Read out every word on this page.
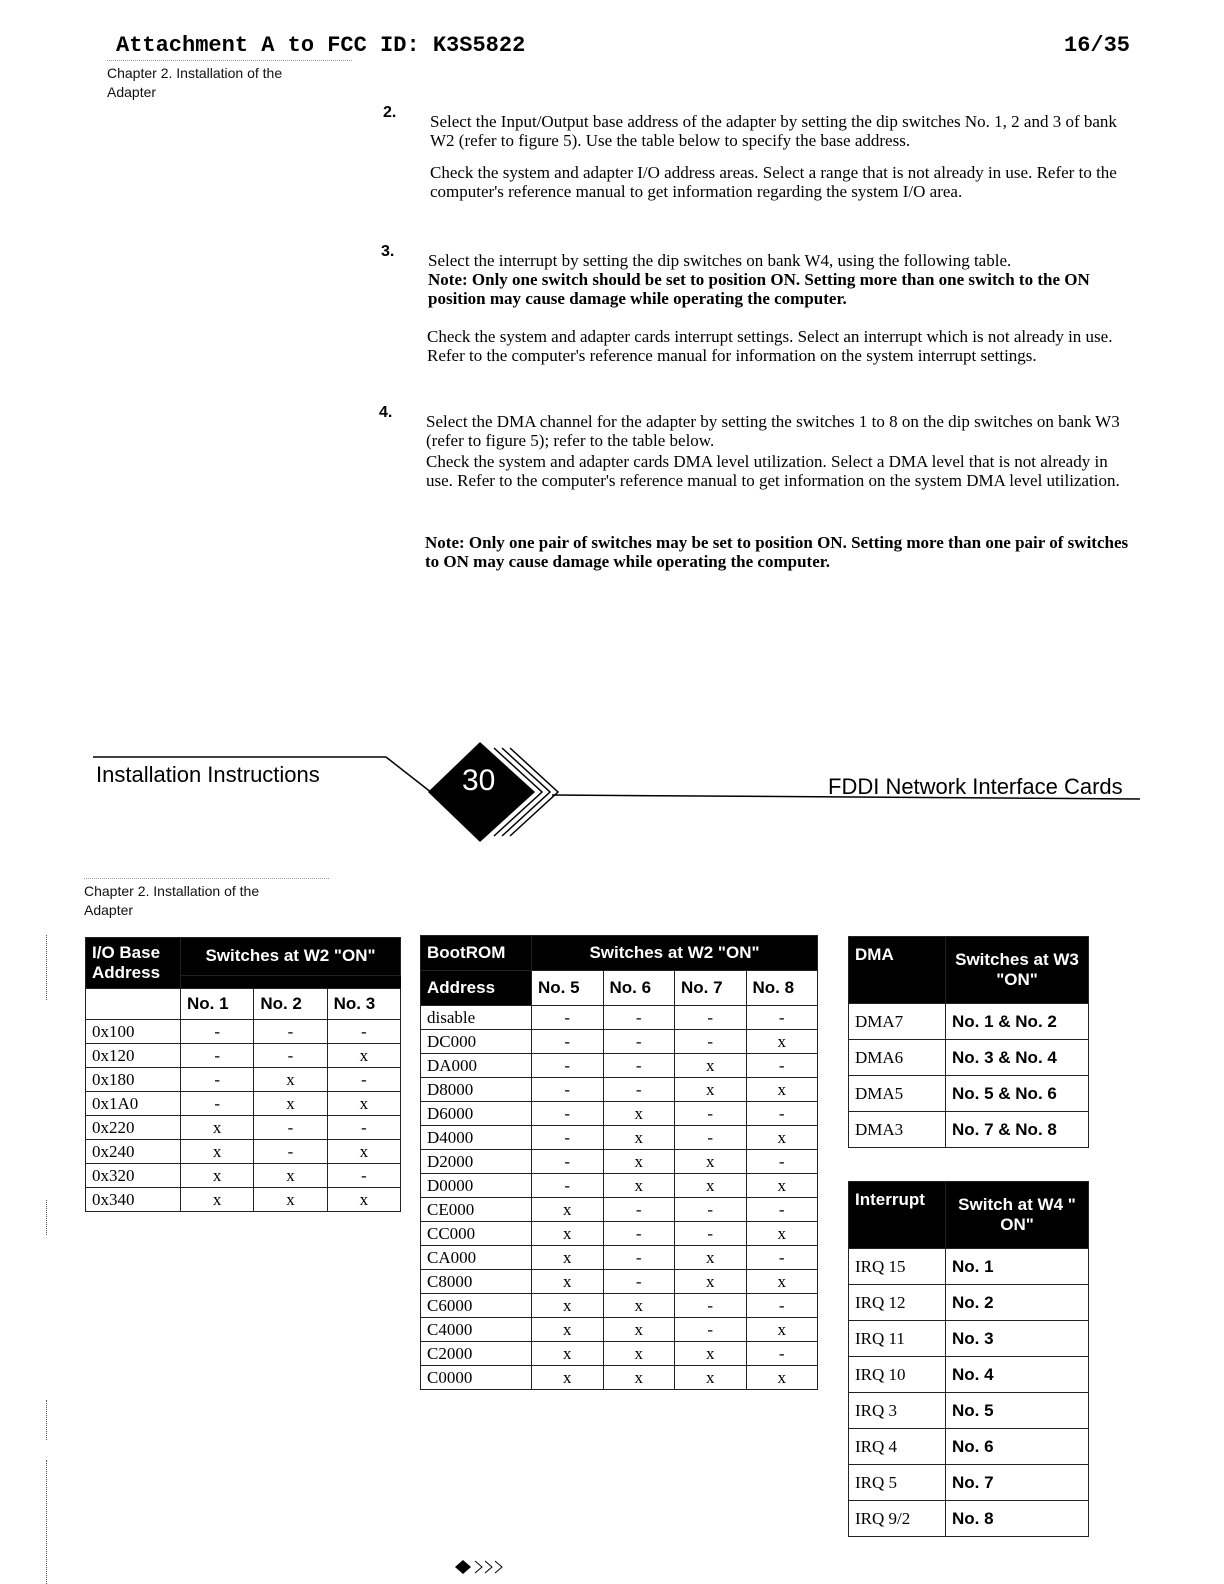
Attachment A to FCC ID: K3S5822	16/35
Chapter 2. Installation of the
Adapter
2. Select the Input/Output base address of the adapter by setting the dip switches No. 1, 2 and 3 of bank W2 (refer to figure 5). Use the table below to specify the base address.
Check the system and adapter I/O address areas. Select a range that is not already in use. Refer to the computer's reference manual to get information regarding the system I/O area.
3. Select the interrupt by setting the dip switches on bank W4, using the following table.
Note: Only one switch should be set to position ON. Setting more than one switch to the ON position may cause damage while operating the computer.
Check the system and adapter cards interrupt settings. Select an interrupt which is not already in use. Refer to the computer's reference manual for information on the system interrupt settings.
4. Select the DMA channel for the adapter by setting the switches 1 to 8 on the dip switches on bank W3 (refer to figure 5); refer to the table below.
Check the system and adapter cards DMA level utilization. Select a DMA level that is not already in use. Refer to the computer's reference manual to get information on the system DMA level utilization.
Note: Only one pair of switches may be set to position ON. Setting more than one pair of switches to ON may cause damage while operating the computer.
Installation Instructions	30	FDDI Network Interface Cards
Chapter 2. Installation of the
Adapter
I/O Base Address	Switches at W2 "ON"		

	No. 1	No. 2	No. 3
0x100	-	-	-
0x120	-	-	x
0x180	-	x	-
0x1A0	-	x	x
0x220	x	-	-
0x240	x	-	x
0x320	x	x	-
0x340	x	x	x
BootROM	Switches at W2 "ON"			
Address	No. 5	No. 6	No. 7	No. 8
disable	-	-	-	-
DC000	-	-	-	x
DA000	-	-	x	-
D8000	-	-	x	x
D6000	-	x	-	-
D4000	-	x	-	x
D2000	-	x	x	-
D0000	-	x	x	x
CE000	x	-	-	-
CC000	x	-	-	x
CA000	x	-	x	-
C8000	x	-	x	x
C6000	x	x	-	-
C4000	x	x	-	x
C2000	x	x	x	-
C0000	x	x	x	x
DMA	Switches at W3 "ON"
DMA7	No. 1 & No. 2
DMA6	No. 3 & No. 4
DMA5	No. 5 & No. 6
DMA3	No. 7 & No. 8
Interrupt	Switch at W4 " ON"
IRQ 15	No. 1
IRQ 12	No. 2
IRQ 11	No. 3
IRQ 10	No. 4
IRQ 3	No. 5
IRQ 4	No. 6
IRQ 5	No. 7
IRQ 9/2	No. 8
